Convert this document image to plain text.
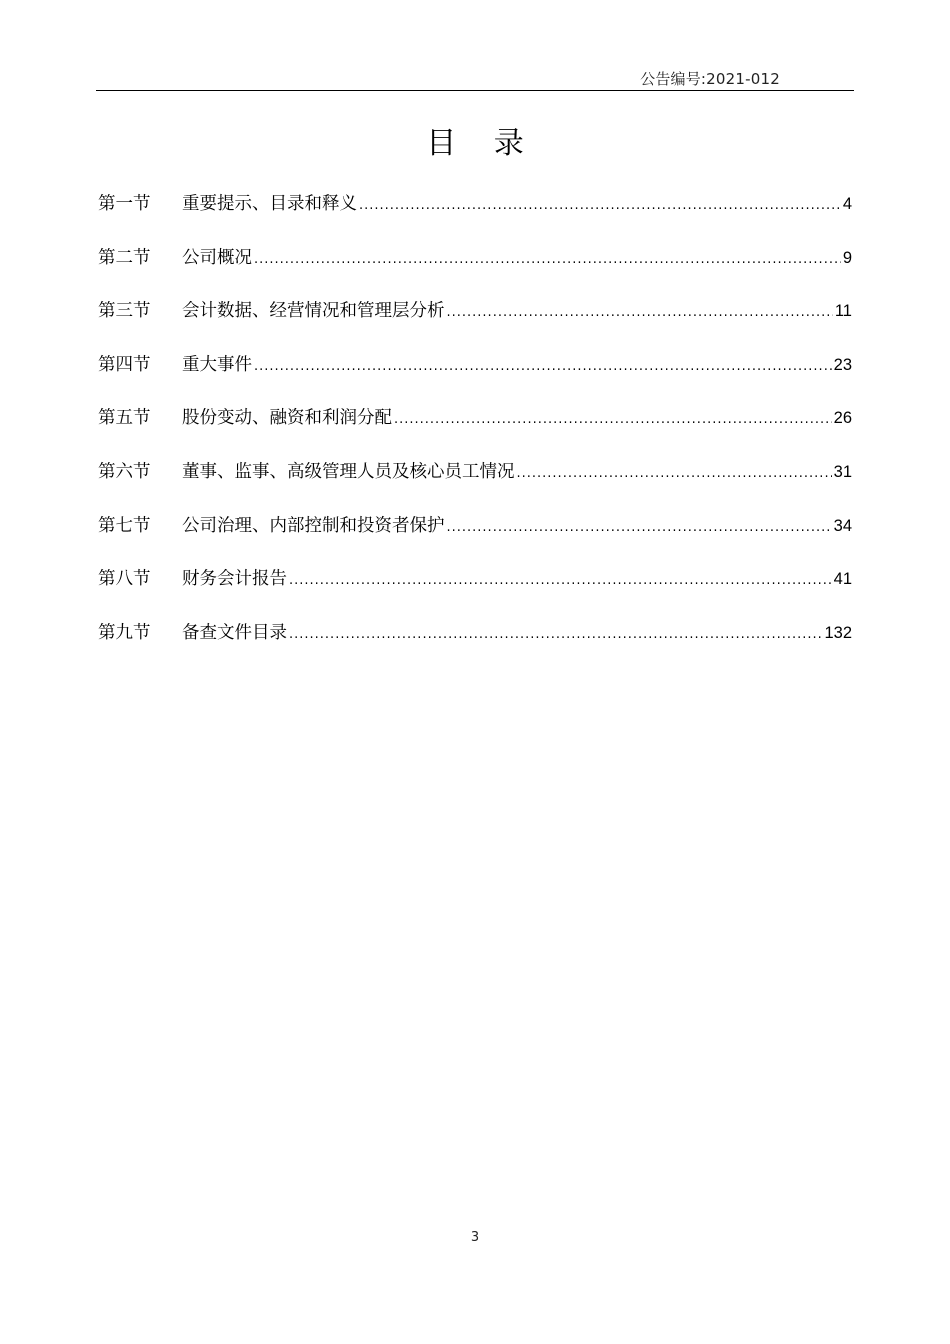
公告编号:2021-012
目 录
第一节	重要提示、目录和释义 .....	4
第二节	公司概况 .....	9
第三节	会计数据、经营情况和管理层分析 .....	11
第四节	重大事件 .....	23
第五节	股份变动、融资和利润分配 .....	26
第六节	董事、监事、高级管理人员及核心员工情况 .....	31
第七节	公司治理、内部控制和投资者保护 .....	34
第八节	财务会计报告 .....	41
第九节	备查文件目录 .....	132
3
